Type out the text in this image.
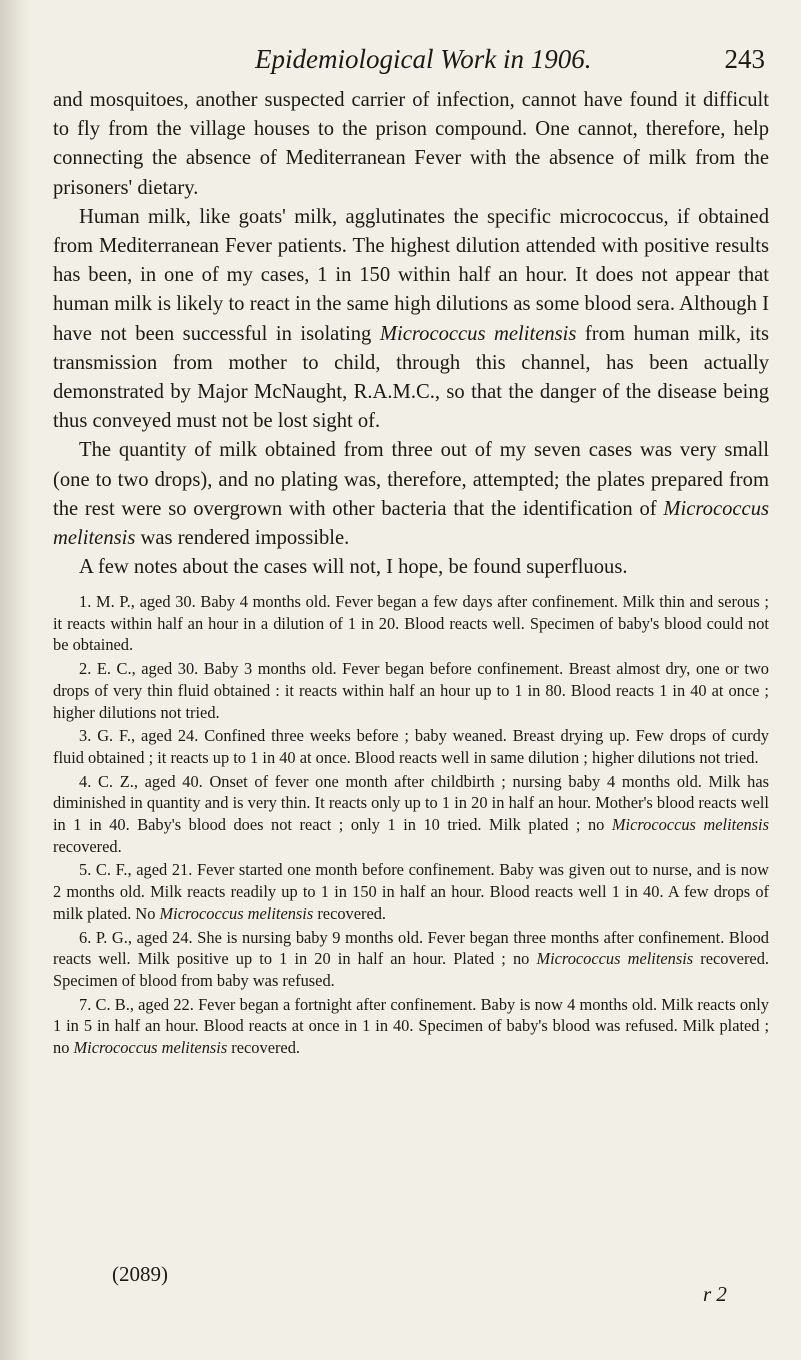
Epidemiological Work in 1906.	243

and mosquitoes, another suspected carrier of infection, cannot have found it difficult to fly from the village houses to the prison compound. One cannot, therefore, help connecting the absence of Mediterranean Fever with the absence of milk from the prisoners' dietary.

Human milk, like goats' milk, agglutinates the specific micrococcus, if obtained from Mediterranean Fever patients. The highest dilution attended with positive results has been, in one of my cases, 1 in 150 within half an hour. It does not appear that human milk is likely to react in the same high dilutions as some blood sera. Although I have not been successful in isolating Micrococcus melitensis from human milk, its transmission from mother to child, through this channel, has been actually demonstrated by Major McNaught, R.A.M.C., so that the danger of the disease being thus conveyed must not be lost sight of.

The quantity of milk obtained from three out of my seven cases was very small (one to two drops), and no plating was, therefore, attempted; the plates prepared from the rest were so overgrown with other bacteria that the identification of Micrococcus melitensis was rendered impossible.

A few notes about the cases will not, I hope, be found superfluous.

1. M. P., aged 30. Baby 4 months old. Fever began a few days after confinement. Milk thin and serous ; it reacts within half an hour in a dilution of 1 in 20. Blood reacts well. Specimen of baby's blood could not be obtained.

2. E. C., aged 30. Baby 3 months old. Fever began before confinement. Breast almost dry, one or two drops of very thin fluid obtained : it reacts within half an hour up to 1 in 80. Blood reacts 1 in 40 at once ; higher dilutions not tried.

3. G. F., aged 24. Confined three weeks before ; baby weaned. Breast drying up. Few drops of curdy fluid obtained ; it reacts up to 1 in 40 at once. Blood reacts well in same dilution ; higher dilutions not tried.

4. C. Z., aged 40. Onset of fever one month after childbirth ; nursing baby 4 months old. Milk has diminished in quantity and is very thin. It reacts only up to 1 in 20 in half an hour. Mother's blood reacts well in 1 in 40. Baby's blood does not react ; only 1 in 10 tried. Milk plated ; no Micrococcus melitensis recovered.

5. C. F., aged 21. Fever started one month before confinement. Baby was given out to nurse, and is now 2 months old. Milk reacts readily up to 1 in 150 in half an hour. Blood reacts well 1 in 40. A few drops of milk plated. No Micrococcus melitensis recovered.

6. P. G., aged 24. She is nursing baby 9 months old. Fever began three months after confinement. Blood reacts well. Milk positive up to 1 in 20 in half an hour. Plated ; no Micrococcus melitensis recovered. Specimen of blood from baby was refused.

7. C. B., aged 22. Fever began a fortnight after confinement. Baby is now 4 months old. Milk reacts only 1 in 5 in half an hour. Blood reacts at once in 1 in 40. Specimen of baby's blood was refused. Milk plated ; no Micrococcus melitensis recovered.

(2089)
r 2
